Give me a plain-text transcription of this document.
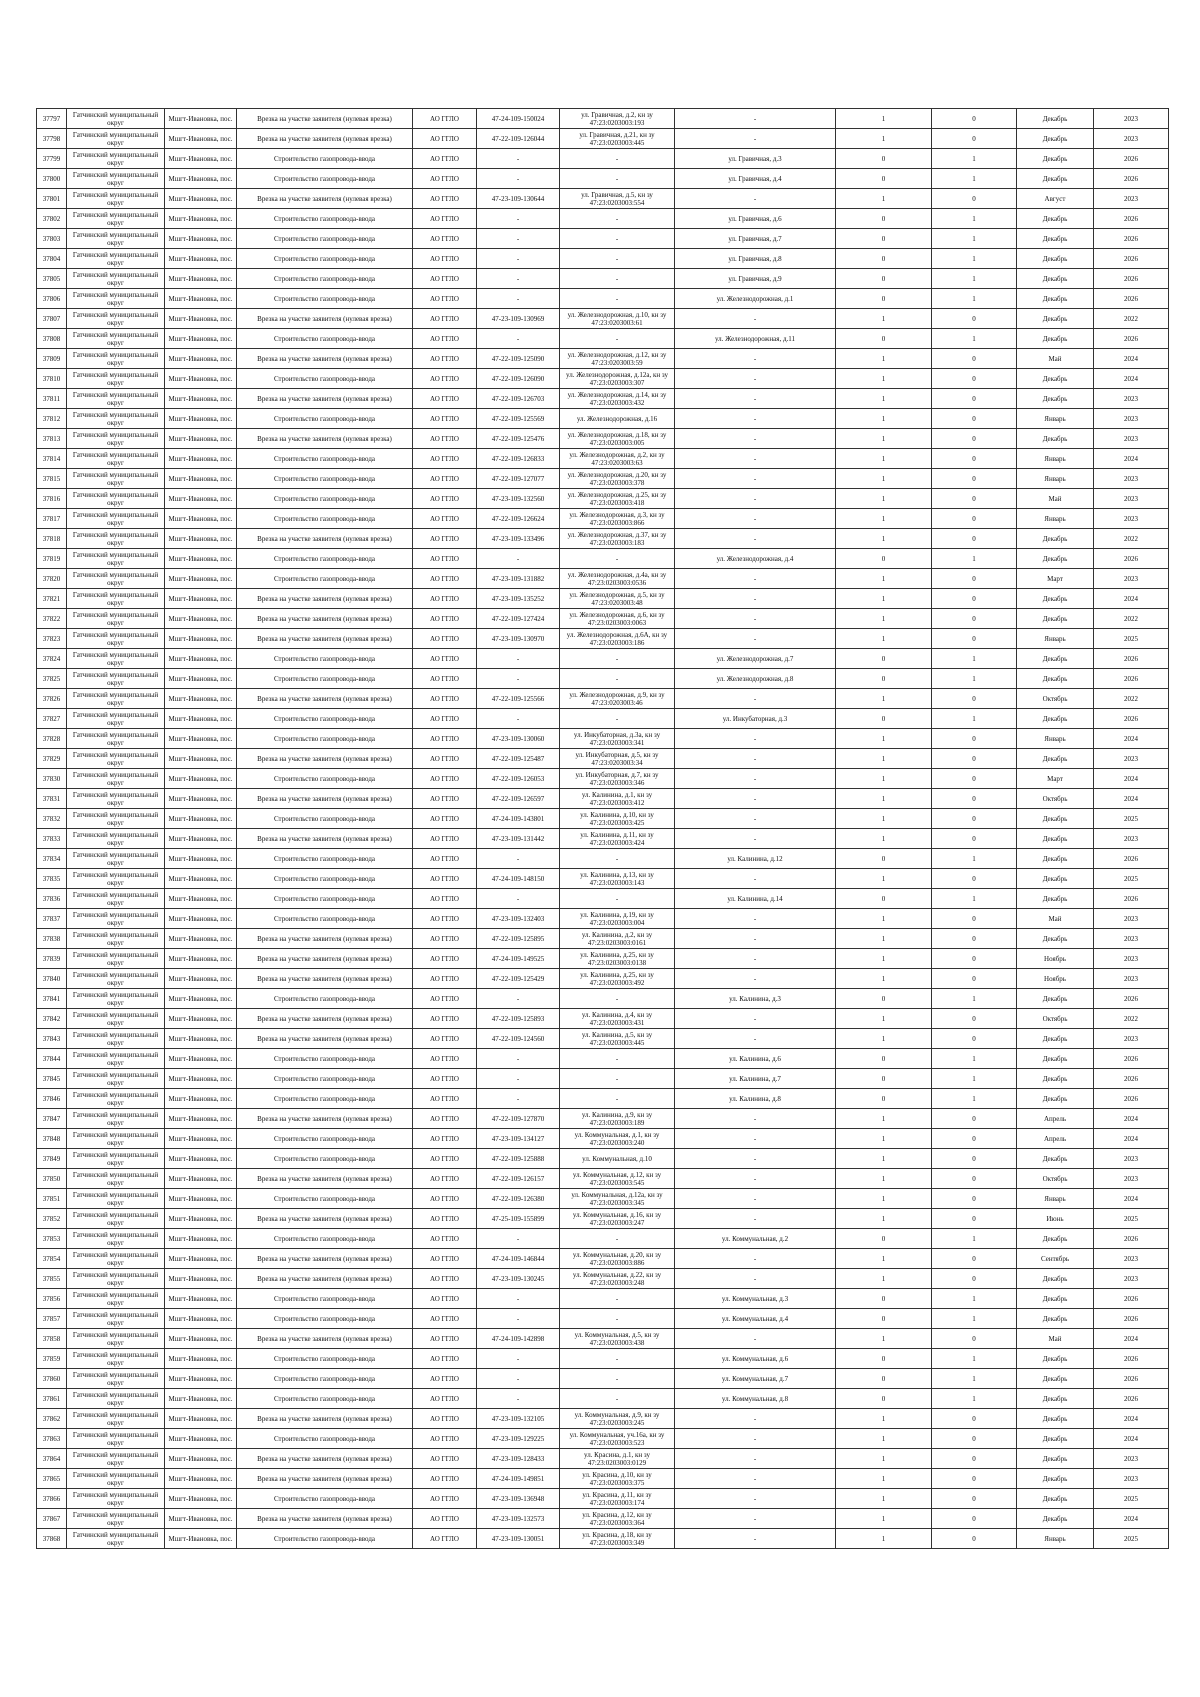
37797	Гатчинский муниципальный округ	Мшгт-Ивановка, пос.	Врезка на участке заявителя (нулевая врезка)	АО ГГЛО	47-24-109-150024	ул. Гравичная, д.2, кн зу 47:23:0203003:193	-	1	0	Декабрь	2023
37798	Гатчинский муниципальный округ	Мшгт-Ивановка, пос.	Врезка на участке заявителя (нулевая врезка)	АО ГГЛО	47-22-109-126044	ул. Гравичная, д.21, кн зу 47:23:0203003:445	-	1	0	Декабрь	2023
37799	Гатчинский муниципальный округ	Мшгт-Ивановка, пос.	Строительство газопровода-ввода	АО ГГЛО	-	-	ул. Гравичная, д.3	0	1	Декабрь	2026
37800	Гатчинский муниципальный округ	Мшгт-Ивановка, пос.	Строительство газопровода-ввода	АО ГГЛО	-	-	ул. Гравичная, д.4	0	1	Декабрь	2026
37801	Гатчинский муниципальный округ	Мшгт-Ивановка, пос.	Врезка на участке заявителя (нулевая врезка)	АО ГГЛО	47-23-109-130644	ул. Гравичная, д.5, кн зу 47:23:0203003:554	-	1	0	Август	2023
37802	Гатчинский муниципальный округ	Мшгт-Ивановка, пос.	Строительство газопровода-ввода	АО ГГЛО	-	-	ул. Гравичная, д.6	0	1	Декабрь	2026
37803	Гатчинский муниципальный округ	Мшгт-Ивановка, пос.	Строительство газопровода-ввода	АО ГГЛО	-	-	ул. Гравичная, д.7	0	1	Декабрь	2026
37804	Гатчинский муниципальный округ	Мшгт-Ивановка, пос.	Строительство газопровода-ввода	АО ГГЛО	-	-	ул. Гравичная, д.8	0	1	Декабрь	2026
37805	Гатчинский муниципальный округ	Мшгт-Ивановка, пос.	Строительство газопровода-ввода	АО ГГЛО	-	-	ул. Гравичная, д.9	0	1	Декабрь	2026
37806	Гатчинский муниципальный округ	Мшгт-Ивановка, пос.	Строительство газопровода-ввода	АО ГГЛО	-	-	ул. Железнодорожная, д.1	0	1	Декабрь	2026
37807	Гатчинский муниципальный округ	Мшгт-Ивановка, пос.	Врезка на участке заявителя (нулевая врезка)	АО ГГЛО	47-23-109-130969	ул. Железнодорожная, д.10, кн зу 47:23:0203003:61	-	1	0	Декабрь	2022
37808	Гатчинский муниципальный округ	Мшгт-Ивановка, пос.	Строительство газопровода-ввода	АО ГГЛО	-	-	ул. Железнодорожная, д.11	0	1	Декабрь	2026
37809	Гатчинский муниципальный округ	Мшгт-Ивановка, пос.	Врезка на участке заявителя (нулевая врезка)	АО ГГЛО	47-22-109-125090	ул. Железнодорожная, д.12, кн зу 47:23:0203003:59	-	1	0	Май	2024
37810	Гатчинский муниципальный округ	Мшгт-Ивановка, пос.	Строительство газопровода-ввода	АО ГГЛО	47-22-109-126090	ул. Железнодорожная, д.12а, кн зу 47:23:0203003:307	-	1	0	Декабрь	2024
37811	Гатчинский муниципальный округ	Мшгт-Ивановка, пос.	Врезка на участке заявителя (нулевая врезка)	АО ГГЛО	47-22-109-126703	ул. Железнодорожная, д.14, кн зу 47:23:0203003:432	-	1	0	Декабрь	2023
37812	Гатчинский муниципальный округ	Мшгт-Ивановка, пос.	Строительство газопровода-ввода	АО ГГЛО	47-22-109-125569	ул. Железнодорожная, д.16	-	1	0	Январь	2023
37813	Гатчинский муниципальный округ	Мшгт-Ивановка, пос.	Врезка на участке заявителя (нулевая врезка)	АО ГГЛО	47-22-109-125476	ул. Железнодорожная, д.18, кн зу 47:23:0203003:005	-	1	0	Декабрь	2023
37814	Гатчинский муниципальный округ	Мшгт-Ивановка, пос.	Строительство газопровода-ввода	АО ГГЛО	47-22-109-126833	ул. Железнодорожная, д.2, кн зу 47:23:0203003:63	-	1	0	Январь	2024
37815	Гатчинский муниципальный округ	Мшгт-Ивановка, пос.	Строительство газопровода-ввода	АО ГГЛО	47-22-109-127077	ул. Железнодорожная, д.20, кн зу 47:23:0203003:378	-	1	0	Январь	2023
37816	Гатчинский муниципальный округ	Мшгт-Ивановка, пос.	Строительство газопровода-ввода	АО ГГЛО	47-23-109-132560	ул. Железнодорожная, д.25, кн зу 47:23:0203003:418	-	1	0	Май	2023
37817	Гатчинский муниципальный округ	Мшгт-Ивановка, пос.	Строительство газопровода-ввода	АО ГГЛО	47-22-109-126624	ул. Железнодорожная, д.3, кн зу 47:23:0203003:866	-	1	0	Январь	2023
37818	Гатчинский муниципальный округ	Мшгт-Ивановка, пос.	Врезка на участке заявителя (нулевая врезка)	АО ГГЛО	47-23-109-133496	ул. Железнодорожная, д.37, кн зу 47:23:0203003:183	-	1	0	Декабрь	2022
37819	Гатчинский муниципальный округ	Мшгт-Ивановка, пос.	Строительство газопровода-ввода	АО ГГЛО	-	-	ул. Железнодорожная, д.4	0	1	Декабрь	2026
37820	Гатчинский муниципальный округ	Мшгт-Ивановка, пос.	Строительство газопровода-ввода	АО ГГЛО	47-23-109-131882	ул. Железнодорожная, д.4а, кн зу 47:23:0203003:0536	-	1	0	Март	2023
37821	Гатчинский муниципальный округ	Мшгт-Ивановка, пос.	Врезка на участке заявителя (нулевая врезка)	АО ГГЛО	47-23-109-135252	ул. Железнодорожная, д.5, кн зу 47:23:0203003:48	-	1	0	Декабрь	2024
37822	Гатчинский муниципальный округ	Мшгт-Ивановка, пос.	Врезка на участке заявителя (нулевая врезка)	АО ГГЛО	47-22-109-127424	ул. Железнодорожная, д.6, кн зу 47:23:0203003:0063	-	1	0	Декабрь	2022
37823	Гатчинский муниципальный округ	Мшгт-Ивановка, пос.	Врезка на участке заявителя (нулевая врезка)	АО ГГЛО	47-23-109-130970	ул. Железнодорожная, д.6А, кн зу 47:23:0203003:186	-	1	0	Январь	2025
37824	Гатчинский муниципальный округ	Мшгт-Ивановка, пос.	Строительство газопровода-ввода	АО ГГЛО	-	-	ул. Железнодорожная, д.7	0	1	Декабрь	2026
37825	Гатчинский муниципальный округ	Мшгт-Ивановка, пос.	Строительство газопровода-ввода	АО ГГЛО	-	-	ул. Железнодорожная, д.8	0	1	Декабрь	2026
37826	Гатчинский муниципальный округ	Мшгт-Ивановка, пос.	Врезка на участке заявителя (нулевая врезка)	АО ГГЛО	47-22-109-125566	ул. Железнодорожная, д.9, кн зу 47:23:0203003:46	-	1	0	Октябрь	2022
37827	Гатчинский муниципальный округ	Мшгт-Ивановка, пос.	Строительство газопровода-ввода	АО ГГЛО	-	-	ул. Инкубаторная, д.3	0	1	Декабрь	2026
37828	Гатчинский муниципальный округ	Мшгт-Ивановка, пос.	Строительство газопровода-ввода	АО ГГЛО	47-23-109-130060	ул. Инкубаторная, д.3а, кн зу 47:23:0203003:341	-	1	0	Январь	2024
37829	Гатчинский муниципальный округ	Мшгт-Ивановка, пос.	Врезка на участке заявителя (нулевая врезка)	АО ГГЛО	47-22-109-125487	ул. Инкубаторная, д.5, кн зу 47:23:0203003:34	-	1	0	Декабрь	2023
37830	Гатчинский муниципальный округ	Мшгт-Ивановка, пос.	Строительство газопровода-ввода	АО ГГЛО	47-22-109-126053	ул. Инкубаторная, д.7, кн зу 47:23:0203003:346	-	1	0	Март	2024
37831	Гатчинский муниципальный округ	Мшгт-Ивановка, пос.	Врезка на участке заявителя (нулевая врезка)	АО ГГЛО	47-22-109-126597	ул. Калинина, д.1, кн зу 47:23:0203003:412	-	1	0	Октябрь	2024
37832	Гатчинский муниципальный округ	Мшгт-Ивановка, пос.	Строительство газопровода-ввода	АО ГГЛО	47-24-109-143801	ул. Калинина, д.10, кн зу 47:23:0203003:425	-	1	0	Декабрь	2025
37833	Гатчинский муниципальный округ	Мшгт-Ивановка, пос.	Врезка на участке заявителя (нулевая врезка)	АО ГГЛО	47-23-109-131442	ул. Калинина, д.11, кн зу 47:23:0203003:424	-	1	0	Декабрь	2023
37834	Гатчинский муниципальный округ	Мшгт-Ивановка, пос.	Строительство газопровода-ввода	АО ГГЛО	-	-	ул. Калинина, д.12	0	1	Декабрь	2026
37835	Гатчинский муниципальный округ	Мшгт-Ивановка, пос.	Строительство газопровода-ввода	АО ГГЛО	47-24-109-148150	ул. Калинина, д.13, кн зу 47:23:0203003:143	-	1	0	Декабрь	2025
37836	Гатчинский муниципальный округ	Мшгт-Ивановка, пос.	Строительство газопровода-ввода	АО ГГЛО	-	-	ул. Калинина, д.14	0	1	Декабрь	2026
37837	Гатчинский муниципальный округ	Мшгт-Ивановка, пос.	Строительство газопровода-ввода	АО ГГЛО	47-23-109-132403	ул. Калинина, д.19, кн зу 47:23:0203003:004	-	1	0	Май	2023
37838	Гатчинский муниципальный округ	Мшгт-Ивановка, пос.	Врезка на участке заявителя (нулевая врезка)	АО ГГЛО	47-22-109-125895	ул. Калинина, д.2, кн зу 47:23:0203003:0161	-	1	0	Декабрь	2023
37839	Гатчинский муниципальный округ	Мшгт-Ивановка, пос.	Врезка на участке заявителя (нулевая врезка)	АО ГГЛО	47-24-109-149525	ул. Калинина, д.25, кн зу 47:23:0203003:0138	-	1	0	Ноябрь	2023
37840	Гатчинский муниципальный округ	Мшгт-Ивановка, пос.	Врезка на участке заявителя (нулевая врезка)	АО ГГЛО	47-22-109-125429	ул. Калинина, д.25, кн зу 47:23:0203003:492	-	1	0	Ноябрь	2023
37841	Гатчинский муниципальный округ	Мшгт-Ивановка, пос.	Строительство газопровода-ввода	АО ГГЛО	-	-	ул. Калинина, д.3	0	1	Декабрь	2026
37842	Гатчинский муниципальный округ	Мшгт-Ивановка, пос.	Врезка на участке заявителя (нулевая врезка)	АО ГГЛО	47-22-109-125893	ул. Калинина, д.4, кн зу 47:23:0203003:431	-	1	0	Октябрь	2022
37843	Гатчинский муниципальный округ	Мшгт-Ивановка, пос.	Врезка на участке заявителя (нулевая врезка)	АО ГГЛО	47-22-109-124560	ул. Калинина, д.5, кн зу 47:23:0203003:445	-	1	0	Декабрь	2023
37844	Гатчинский муниципальный округ	Мшгт-Ивановка, пос.	Строительство газопровода-ввода	АО ГГЛО	-	-	ул. Калинина, д.6	0	1	Декабрь	2026
37845	Гатчинский муниципальный округ	Мшгт-Ивановка, пос.	Строительство газопровода-ввода	АО ГГЛО	-	-	ул. Калинина, д.7	0	1	Декабрь	2026
37846	Гатчинский муниципальный округ	Мшгт-Ивановка, пос.	Строительство газопровода-ввода	АО ГГЛО	-	-	ул. Калинина, д.8	0	1	Декабрь	2026
37847	Гатчинский муниципальный округ	Мшгт-Ивановка, пос.	Врезка на участке заявителя (нулевая врезка)	АО ГГЛО	47-22-109-127870	ул. Калинина, д.9, кн зу 47:23:0203003:189	-	1	0	Апрель	2024
37848	Гатчинский муниципальный округ	Мшгт-Ивановка, пос.	Строительство газопровода-ввода	АО ГГЛО	47-23-109-134127	ул. Коммунальная, д.1, кн зу 47:23:0203003:240	-	1	0	Апрель	2024
37849	Гатчинский муниципальный округ	Мшгт-Ивановка, пос.	Строительство газопровода-ввода	АО ГГЛО	47-22-109-125888	ул. Коммунальная, д.10	-	1	0	Декабрь	2023
37850	Гатчинский муниципальный округ	Мшгт-Ивановка, пос.	Врезка на участке заявителя (нулевая врезка)	АО ГГЛО	47-22-109-126157	ул. Коммунальная, д.12, кн зу 47:23:0203003:545	-	1	0	Октябрь	2023
37851	Гатчинский муниципальный округ	Мшгт-Ивановка, пос.	Строительство газопровода-ввода	АО ГГЛО	47-22-109-126380	ул. Коммунальная, д.12а, кн зу 47:23:0203003:345	-	1	0	Январь	2024
37852	Гатчинский муниципальный округ	Мшгт-Ивановка, пос.	Врезка на участке заявителя (нулевая врезка)	АО ГГЛО	47-25-109-155899	ул. Коммунальная, д.16, кн зу 47:23:0203003:247	-	1	0	Июнь	2025
37853	Гатчинский муниципальный округ	Мшгт-Ивановка, пос.	Строительство газопровода-ввода	АО ГГЛО	-	-	ул. Коммунальная, д.2	0	1	Декабрь	2026
37854	Гатчинский муниципальный округ	Мшгт-Ивановка, пос.	Врезка на участке заявителя (нулевая врезка)	АО ГГЛО	47-24-109-146844	ул. Коммунальная, д.20, кн зу 47:23:0203003:886	-	1	0	Сентябрь	2023
37855	Гатчинский муниципальный округ	Мшгт-Ивановка, пос.	Врезка на участке заявителя (нулевая врезка)	АО ГГЛО	47-23-109-130245	ул. Коммунальная, д.22, кн зу 47:23:0203003:248	-	1	0	Декабрь	2023
37856	Гатчинский муниципальный округ	Мшгт-Ивановка, пос.	Строительство газопровода-ввода	АО ГГЛО	-	-	ул. Коммунальная, д.3	0	1	Декабрь	2026
37857	Гатчинский муниципальный округ	Мшгт-Ивановка, пос.	Строительство газопровода-ввода	АО ГГЛО	-	-	ул. Коммунальная, д.4	0	1	Декабрь	2026
37858	Гатчинский муниципальный округ	Мшгт-Ивановка, пос.	Врезка на участке заявителя (нулевая врезка)	АО ГГЛО	47-24-109-142898	ул. Коммунальная, д.5, кн зу 47:23:0203003:438	-	1	0	Май	2024
37859	Гатчинский муниципальный округ	Мшгт-Ивановка, пос.	Строительство газопровода-ввода	АО ГГЛО	-	-	ул. Коммунальная, д.6	0	1	Декабрь	2026
37860	Гатчинский муниципальный округ	Мшгт-Ивановка, пос.	Строительство газопровода-ввода	АО ГГЛО	-	-	ул. Коммунальная, д.7	0	1	Декабрь	2026
37861	Гатчинский муниципальный округ	Мшгт-Ивановка, пос.	Строительство газопровода-ввода	АО ГГЛО	-	-	ул. Коммунальная, д.8	0	1	Декабрь	2026
37862	Гатчинский муниципальный округ	Мшгт-Ивановка, пос.	Врезка на участке заявителя (нулевая врезка)	АО ГГЛО	47-23-109-132105	ул. Коммунальная, д.9, кн зу 47:23:0203003:245	-	1	0	Декабрь	2024
37863	Гатчинский муниципальный округ	Мшгт-Ивановка, пос.	Строительство газопровода-ввода	АО ГГЛО	47-23-109-129225	ул. Коммунальная, уч.16а, кн зу 47:23:0203003:523	-	1	0	Декабрь	2024
37864	Гатчинский муниципальный округ	Мшгт-Ивановка, пос.	Врезка на участке заявителя (нулевая врезка)	АО ГГЛО	47-23-109-128433	ул. Красина, д.1, кн зу 47:23:0203003:0129	-	1	0	Декабрь	2023
37865	Гатчинский муниципальный округ	Мшгт-Ивановка, пос.	Врезка на участке заявителя (нулевая врезка)	АО ГГЛО	47-24-109-149851	ул. Красина, д.10, кн зу 47:23:0203003:375	-	1	0	Декабрь	2023
37866	Гатчинский муниципальный округ	Мшгт-Ивановка, пос.	Строительство газопровода-ввода	АО ГГЛО	47-23-109-136948	ул. Красина, д.11, кн зу 47:23:0203003:174	-	1	0	Декабрь	2025
37867	Гатчинский муниципальный округ	Мшгт-Ивановка, пос.	Врезка на участке заявителя (нулевая врезка)	АО ГГЛО	47-23-109-132573	ул. Красина, д.12, кн зу 47:23:0203003:364	-	1	0	Декабрь	2024
37868	Гатчинский муниципальный округ	Мшгт-Ивановка, пос.	Строительство газопровода-ввода	АО ГГЛО	47-23-109-130051	ул. Красина, д.18, кн зу 47:23:0203003:349	-	1	0	Январь	2025
